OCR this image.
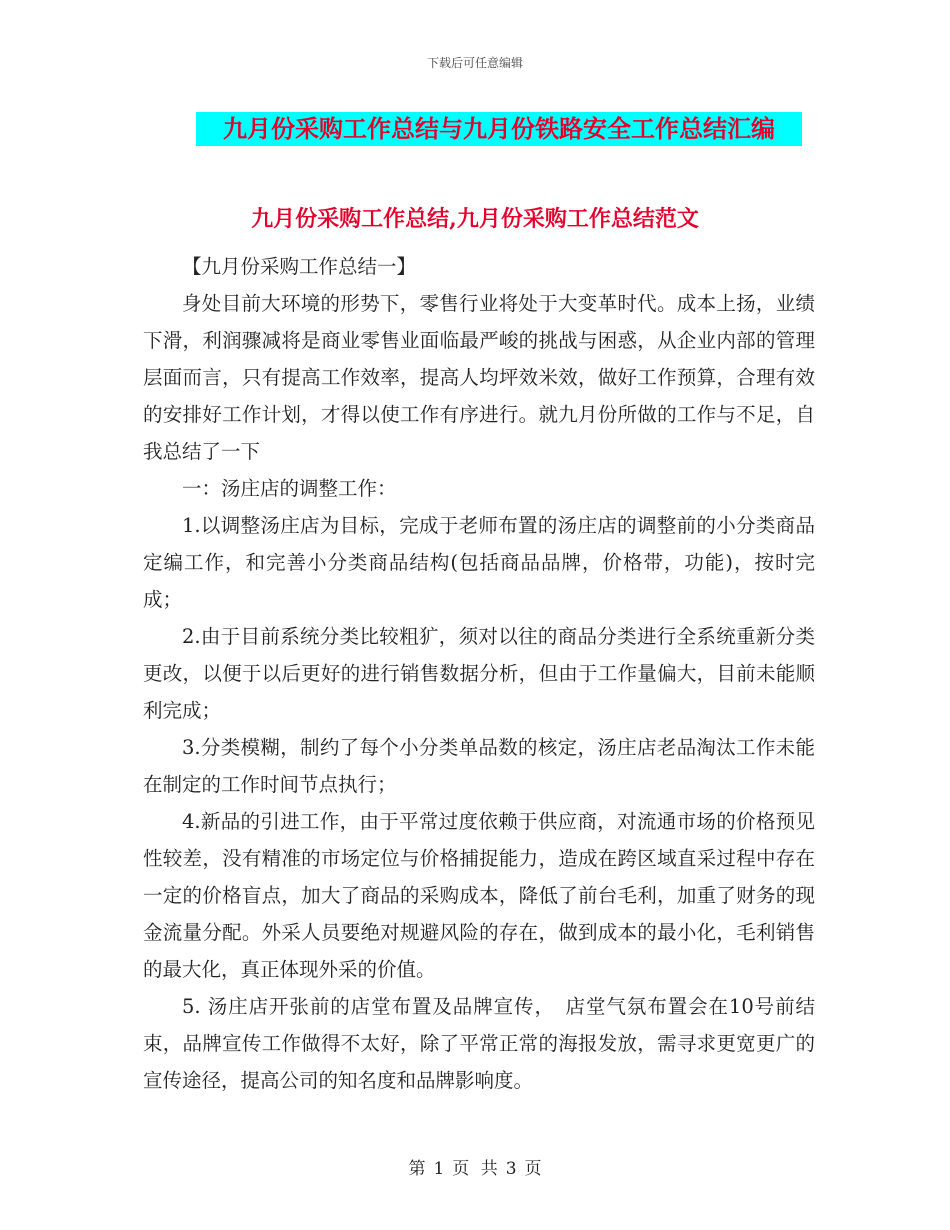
下载后可任意编辑
九月份采购工作总结与九月份铁路安全工作总结汇编
九月份采购工作总结,九月份采购工作总结范文

【九月份采购工作总结一】

身处目前大环境的形势下，零售行业将处于大变革时代。成本上扬，业绩下滑，利润骤减将是商业零售业面临最严峻的挑战与困惑，从企业内部的管理层面而言，只有提高工作效率，提高人均坪效米效，做好工作预算，合理有效的安排好工作计划，才得以使工作有序进行。就九月份所做的工作与不足，自我总结了一下

一：汤庄店的调整工作：

1.以调整汤庄店为目标，完成于老师布置的汤庄店的调整前的小分类商品定编工作，和完善小分类商品结构(包括商品品牌，价格带，功能)，按时完成；

2.由于目前系统分类比较粗犷，须对以往的商品分类进行全系统重新分类更改，以便于以后更好的进行销售数据分析，但由于工作量偏大，目前未能顺利完成；

3.分类模糊，制约了每个小分类单品数的核定，汤庄店老品淘汰工作未能在制定的工作时间节点执行；

4.新品的引进工作，由于平常过度依赖于供应商，对流通市场的价格预见性较差，没有精准的市场定位与价格捕捉能力，造成在跨区域直采过程中存在一定的价格盲点，加大了商品的采购成本，降低了前台毛利，加重了财务的现金流量分配。外采人员要绝对规避风险的存在，做到成本的最小化，毛利销售的最大化，真正体现外采的价值。

5. 汤庄店开张前的店堂布置及品牌宣传，　店堂气氛布置会在10号前结束，品牌宣传工作做得不太好，除了平常正常的海报发放，需寻求更宽更广的宣传途径，提高公司的知名度和品牌影响度。

第 1 页 共 3 页
